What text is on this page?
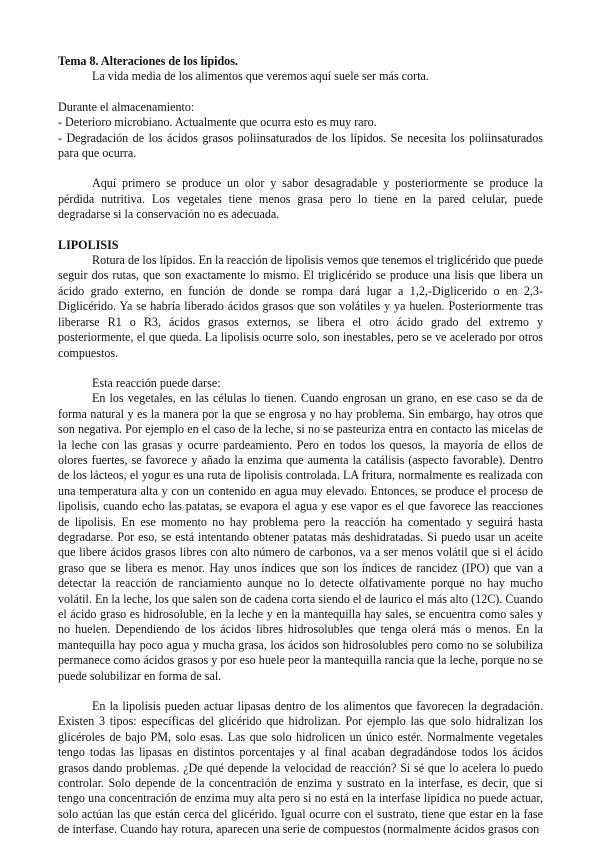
Tema 8. Alteraciones de los lípidos.

La vida media de los alimentos que veremos aquí suele ser más corta.

Durante el almacenamiento:

- Deterioro microbiano. Actualmente que ocurra esto es muy raro.

- Degradación de los ácidos grasos poliinsaturados de los lípidos. Se necesita los poliinsaturados para que ocurra.

Aquí primero se produce un olor y sabor desagradable y posteriormente se produce la pérdida nutritiva. Los vegetales tiene menos grasa pero lo tiene en la pared celular, puede degradarse si la conservación no es adecuada.

LIPOLISIS

Rotura de los lípidos. En la reacción de lipolisis vemos que tenemos el triglicérido que puede seguir dos rutas, que son exactamente lo mismo. El triglicérido se produce una lisis que libera un ácido grado externo, en función de donde se rompa dará lugar a 1,2,-Diglicerido o en 2,3-Diglicérido. Ya se habría liberado ácidos grasos que son volátiles y ya huelen. Posteriormente tras liberarse R1 o R3, ácidos grasos externos, se libera el otro ácido grado del extremo y posteriormente, el que queda. La lipolisis ocurre solo, son inestables, pero se ve acelerado por otros compuestos.

Esta reacción puede darse:

En los vegetales, en las células lo tienen. Cuando engrosan un grano, en ese caso se da de forma natural y es la manera por la que se engrosa y no hay problema. Sin embargo, hay otros que son negativa. Por ejemplo en el caso de la leche, si no se pasteuriza entra en contacto las micelas de la leche con las grasas y ocurre pardeamiento. Pero en todos los quesos, la mayoría de ellos de olores fuertes, se favorece y añado la enzima que aumenta la catálisis (aspecto favorable). Dentro de los lácteos, el yogur es una ruta de lipolisis controlada. LA fritura, normalmente es realizada con una temperatura alta y con un contenido en agua muy elevado. Entonces, se produce el proceso de lipolisis, cuando echo las patatas, se evapora el agua y ese vapor es el que favorece las reacciones de lipolisis. En ese momento no hay problema pero la reacción ha comentado y seguirá hasta degradarse. Por eso, se está intentando obtener patatas más deshidratadas. Si puedo usar un aceite que libere ácidos grasos libres con alto número de carbonos, va a ser menos volátil que si el ácido graso que se libera es menor. Hay unos índices que son los índices de rancidez (IPO) que van a detectar la reacción de ranciamiento aunque no lo detecte olfativamente porque no hay mucho volátil. En la leche, los que salen son de cadena corta siendo el de laurico el más alto (12C). Cuando el ácido graso es hidrosoluble, en la leche y en la mantequilla hay sales, se encuentra como sales y no huelen. Dependiendo de los ácidos libres hidrosolubles que tenga olerá más o menos. En la mantequilla hay poco agua y mucha grasa, los ácidos son hidrosolubles pero como no se solubiliza permanece como ácidos grasos y por eso huele peor la mantequilla rancia que la leche, porque no se puede solubilizar en forma de sal.

En la lipolisis pueden actuar lipasas dentro de los alimentos que favorecen la degradación. Existen 3 tipos: específicas del glicérido que hidrolizan. Por ejemplo las que solo hidralizan los glicéroles de bajo PM, solo esas. Las que solo hidrolicen un único estér. Normalmente vegetales tengo todas las lipasas en distintos porcentajes y al final acaban degradándose todos los ácidos grasos dando problemas. ¿De qué depende la velocidad de reacción? Si sé que lo acelera lo puedo controlar. Solo depende de la concentración de enzima y sustrato en la interfase, es decir, que si tengo una concentración de enzima muy alta pero si no está en la interfase lipídica no puede actuar, solo actúan las que están cerca del glicérido. Igual ocurre con el sustrato, tiene que estar en la fase de interfase. Cuando hay rotura, aparecen una serie de compuestos (normalmente ácidos grasos con
